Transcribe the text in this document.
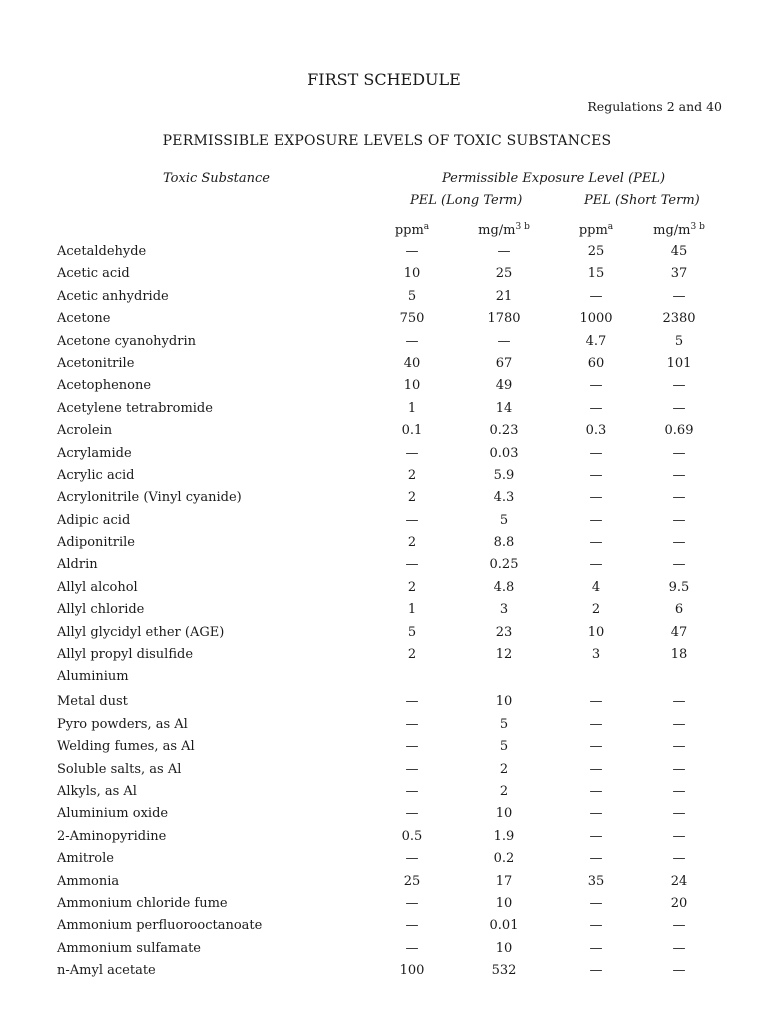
FIRST SCHEDULE
Regulations 2 and 40
PERMISSIBLE EXPOSURE LEVELS OF TOXIC SUBSTANCES
Toxic Substance	Permissible Exposure Level (PEL)
PEL (Long Term)	PEL (Short Term)
ppm$^a$	$mg/m^{3 b}$	ppm$^a$	$mg/m^{3 b}$
Acetaldehyde	—	—	25	45
Acetic acid	10	25	15	37
Acetic anhydride	5	21	—	—
Acetone	750	1780	1000	2380
Acetone cyanohydrin	—	—	4.7	5
Acetonitrile	40	67	60	101
Acetophenone	10	49	—	—
Acetylene tetrabromide	1	14	—	—
Acrolein	0.1	0.23	0.3	0.69
Acrylamide	—	0.03	—	—
Acrylic acid	2	5.9	—	—
Acrylonitrile (Vinyl cyanide)	2	4.3	—	—
Adipic acid	—	5	—	—
Adiponitrile	2	8.8	—	—
Aldrin	—	0.25	—	—
Allyl alcohol	2	4.8	4	9.5
Allyl chloride	1	3	2	6
Allyl glycidyl ether (AGE)	5	23	10	47
Allyl propyl disulfide	2	12	3	18
Aluminium
Metal dust	—	10	—	—
Pyro powders, as Al	—	5	—	—
Welding fumes, as Al	—	5	—	—
Soluble salts, as Al	—	2	—	—
Alkyls, as Al	—	2	—	—
Aluminium oxide	—	10	—	—
2-Aminopyridine	0.5	1.9	—	—
Amitrole	—	0.2	—	—
Ammonia	25	17	35	24
Ammonium chloride fume	—	10	—	20
Ammonium perfluorooctanoate	—	0.01	—	—
Ammonium sulfamate	—	10	—	—
n-Amyl acetate	100	532	—	—
